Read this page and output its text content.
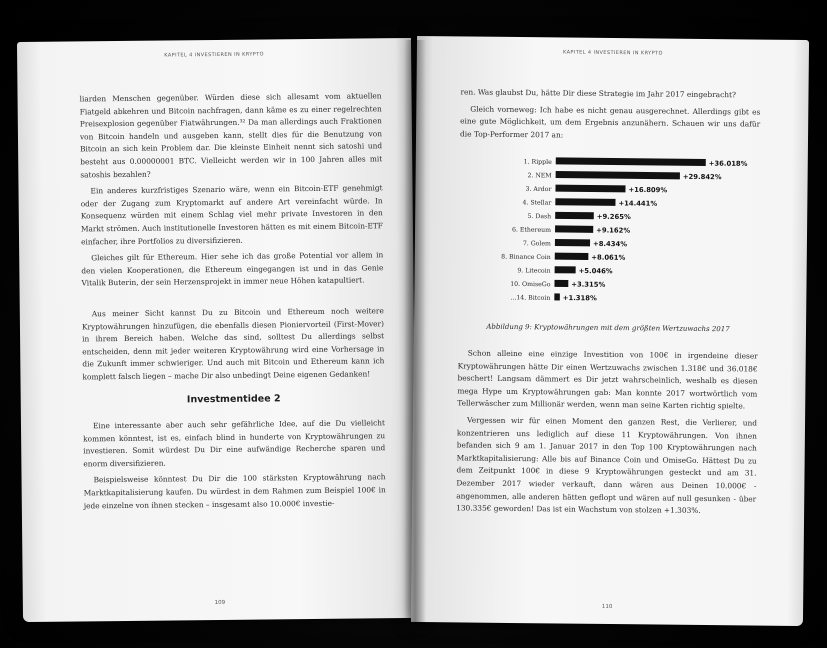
KAPITEL 4 INVESTIEREN IN KRYPTO

liarden Menschen gegenüber. Würden diese sich allesamt vom aktuellen Fiatgeld abkehren und Bitcoin nachfragen, dann käme es zu einer regelrechten Preisexplosion gegenüber Fiatwährungen.³² Da man allerdings auch Fraktionen von Bitcoin handeln und ausgeben kann, stellt dies für die Benutzung von Bitcoin an sich kein Problem dar. Die kleinste Einheit nennt sich satoshi und besteht aus 0.00000001 BTC. Vielleicht werden wir in 100 Jahren alles mit satoshis bezahlen?

Ein anderes kurzfristiges Szenario wäre, wenn ein Bitcoin-ETF genehmigt oder der Zugang zum Kryptomarkt auf andere Art vereinfacht würde. In Konsequenz würden mit einem Schlag viel mehr private Investoren in den Markt strömen. Auch institutionelle Investoren hätten es mit einem Bitcoin-ETF einfacher, ihre Portfolios zu diversifizieren.

Gleiches gilt für Ethereum. Hier sehe ich das große Potential vor allem in den vielen Kooperationen, die Ethereum eingegangen ist und in das Genie Vitalik Buterin, der sein Herzensprojekt in immer neue Höhen katapultiert.

Aus meiner Sicht kannst Du zu Bitcoin und Ethereum noch weitere Kryptowährungen hinzufügen, die ebenfalls diesen Pioniervorteil (First-Mover) in ihrem Bereich haben. Welche das sind, solltest Du allerdings selbst entscheiden, denn mit jeder weiteren Kryptowährung wird eine Vorhersage in die Zukunft immer schwieriger. Und auch mit Bitcoin und Ethereum kann ich komplett falsch liegen – mache Dir also unbedingt Deine eigenen Gedanken!

Investmentidee 2

Eine interessante aber auch sehr gefährliche Idee, auf die Du vielleicht kommen könntest, ist es, einfach blind in hunderte von Kryptowährungen zu investieren. Somit würdest Du Dir eine aufwändige Recherche sparen und enorm diversifizieren.

Beispielsweise könntest Du Dir die 100 stärksten Kryptowährung nach Marktkapitalisierung kaufen. Du würdest in dem Rahmen zum Beispiel 100€ in jede einzelne von ihnen stecken – insgesamt also 10.000€ investie-

109
KAPITEL 4 INVESTIEREN IN KRYPTO

ren. Was glaubst Du, hätte Dir diese Strategie im Jahr 2017 eingebracht?

Gleich vorneweg: Ich habe es nicht genau ausgerechnet. Allerdings gibt es eine gute Möglichkeit, um dem Ergebnis anzunähern. Schauen wir uns dafür die Top-Performer 2017 an:

1. Ripple	+36.018%
2. NEM	+29.842%
3. Ardor	+16.809%
4. Stellar	+14.441%
5. Dash	+9.265%
6. Ethereum	+9.162%
7. Golem	+8.434%
8. Binance Coin	+8.061%
9. Litecoin	+5.046%
10. OmiseGo	+3.315%
...14. Bitcoin +1.318%
Abbildung 9: Kryptowährungen mit dem größten Wertzuwachs 2017

Schon alleine eine einzige Investition von 100€ in irgendeine dieser Kryptowährungen hätte Dir einen Wertzuwachs zwischen 1.318€ und 36.018€ beschert! Langsam dämmert es Dir jetzt wahrscheinlich, weshalb es diesen mega Hype um Kryptowährungen gab: Man konnte 2017 wortwörtlich vom Tellerwäscher zum Millionär werden, wenn man seine Karten richtig spielte.

Vergessen wir für einen Moment den ganzen Rest, die Verlierer, und konzentrieren uns lediglich auf diese 11 Kryptowährungen. Von ihnen befanden sich 9 am 1. Januar 2017 in den Top 100 Kryptowährungen nach Marktkapitalisierung: Alle bis auf Binance Coin und OmiseGo. Hättest Du zu dem Zeitpunkt 100€ in diese 9 Kryptowährungen gesteckt und am 31. Dezember 2017 wieder verkauft, dann wären aus Deinen 10.000€ - angenommen, alle anderen hätten geflopt und wären auf null gesunken - über 130.335€ geworden! Das ist ein Wachstum von stolzen +1.303%.

110
